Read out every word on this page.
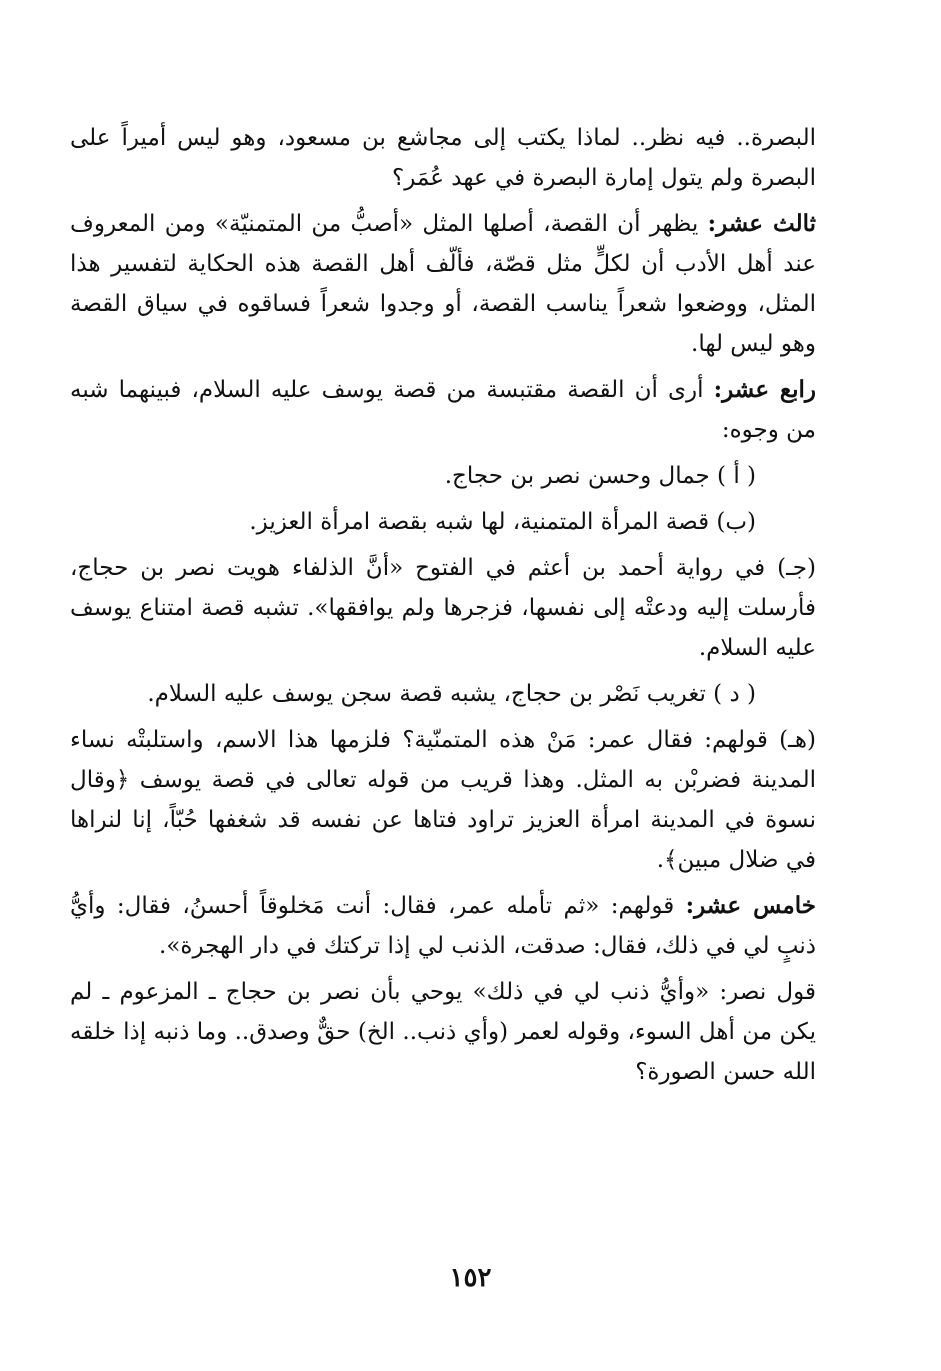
البصرة.. فيه نظر.. لماذا يكتب إلى مجاشع بن مسعود، وهو ليس أميراً على البصرة ولم يتول إمارة البصرة في عهد عُمَر؟

ثالث عشر: يظهر أن القصة، أصلها المثل «أصبُّ من المتمنيّة» ومن المعروف عند أهل الأدب أن لكلٍّ مثل قصّة، فألّف أهل القصة هذه الحكاية لتفسير هذا المثل، ووضعوا شعراً يناسب القصة، أو وجدوا شعراً فساقوه في سياق القصة وهو ليس لها.

رابع عشر: أرى أن القصة مقتبسة من قصة يوسف عليه السلام، فبينهما شبه من وجوه:

( أ ) جمال وحسن نصر بن حجاج.

(ب) قصة المرأة المتمنية، لها شبه بقصة امرأة العزيز.

(جـ) في رواية أحمد بن أعثم في الفتوح «أنَّ الذلفاء هويت نصر بن حجاج، فأرسلت إليه ودعتْه إلى نفسها، فزجرها ولم يوافقها». تشبه قصة امتناع يوسف عليه السلام.

( د ) تغريب نَصْر بن حجاج، يشبه قصة سجن يوسف عليه السلام.

(هـ) قولهم: فقال عمر: مَنْ هذه المتمنّية؟ فلزمها هذا الاسم، واستلبتْه نساء المدينة فضربْن به المثل. وهذا قريب من قوله تعالى في قصة يوسف ﴿وقال نسوة في المدينة امرأة العزيز تراود فتاها عن نفسه قد شغفها حُبّاً، إنا لنراها في ضلال مبين﴾.

خامس عشر: قولهم: «ثم تأمله عمر، فقال: أنت مَخلوقاً أحسنُ، فقال: وأيُّ ذنبٍ لي في ذلك، فقال: صدقت، الذنب لي إذا تركتك في دار الهجرة».

قول نصر: «وأيُّ ذنب لي في ذلك» يوحي بأن نصر بن حجاج ـ المزعوم ـ لم يكن من أهل السوء، وقوله لعمر (وأي ذنب.. الخ) حقٌّ وصدق.. وما ذنبه إذا خلقه الله حسن الصورة؟

١٥٢
